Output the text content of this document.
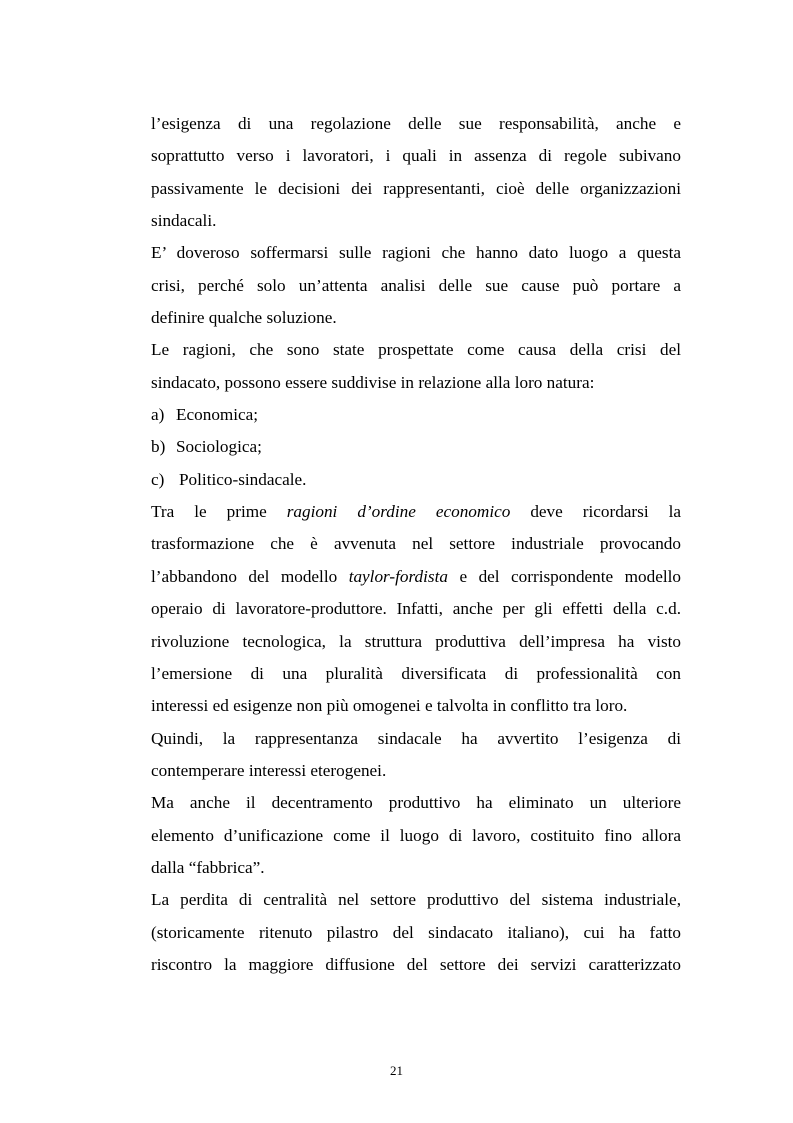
l’esigenza di una regolazione delle sue responsabilità, anche e
soprattutto verso i lavoratori, i quali in assenza di regole subivano
passivamente le decisioni dei rappresentanti, cioè delle organizzazioni
sindacali.
E’ doveroso soffermarsi sulle ragioni che hanno dato luogo a questa
crisi, perché solo un’attenta analisi delle sue cause può portare a
definire qualche soluzione.
Le ragioni, che sono state prospettate come causa della crisi del
sindacato, possono essere suddivise in relazione alla loro natura:
a) Economica;
b) Sociologica;
c) Politico-sindacale.
Tra le prime ragioni d’ordine economico deve ricordarsi la
trasformazione che è avvenuta nel settore industriale provocando
l’abbandono del modello taylor-fordista e del corrispondente modello
operaio di lavoratore-produttore. Infatti, anche per gli effetti della c.d.
rivoluzione tecnologica, la struttura produttiva dell’impresa ha visto
l’emersione di una pluralità diversificata di professionalità con
interessi ed esigenze non più omogenei e talvolta in conflitto tra loro.
Quindi, la rappresentanza sindacale ha avvertito l’esigenza di
contemperare interessi eterogenei.
Ma anche il decentramento produttivo ha eliminato un ulteriore
elemento d’unificazione come il luogo di lavoro, costituito fino allora
dalla “fabbrica”.
La perdita di centralità nel settore produttivo del sistema industriale,
(storicamente ritenuto pilastro del sindacato italiano), cui ha fatto
riscontro la maggiore diffusione del settore dei servizi caratterizzato
21
